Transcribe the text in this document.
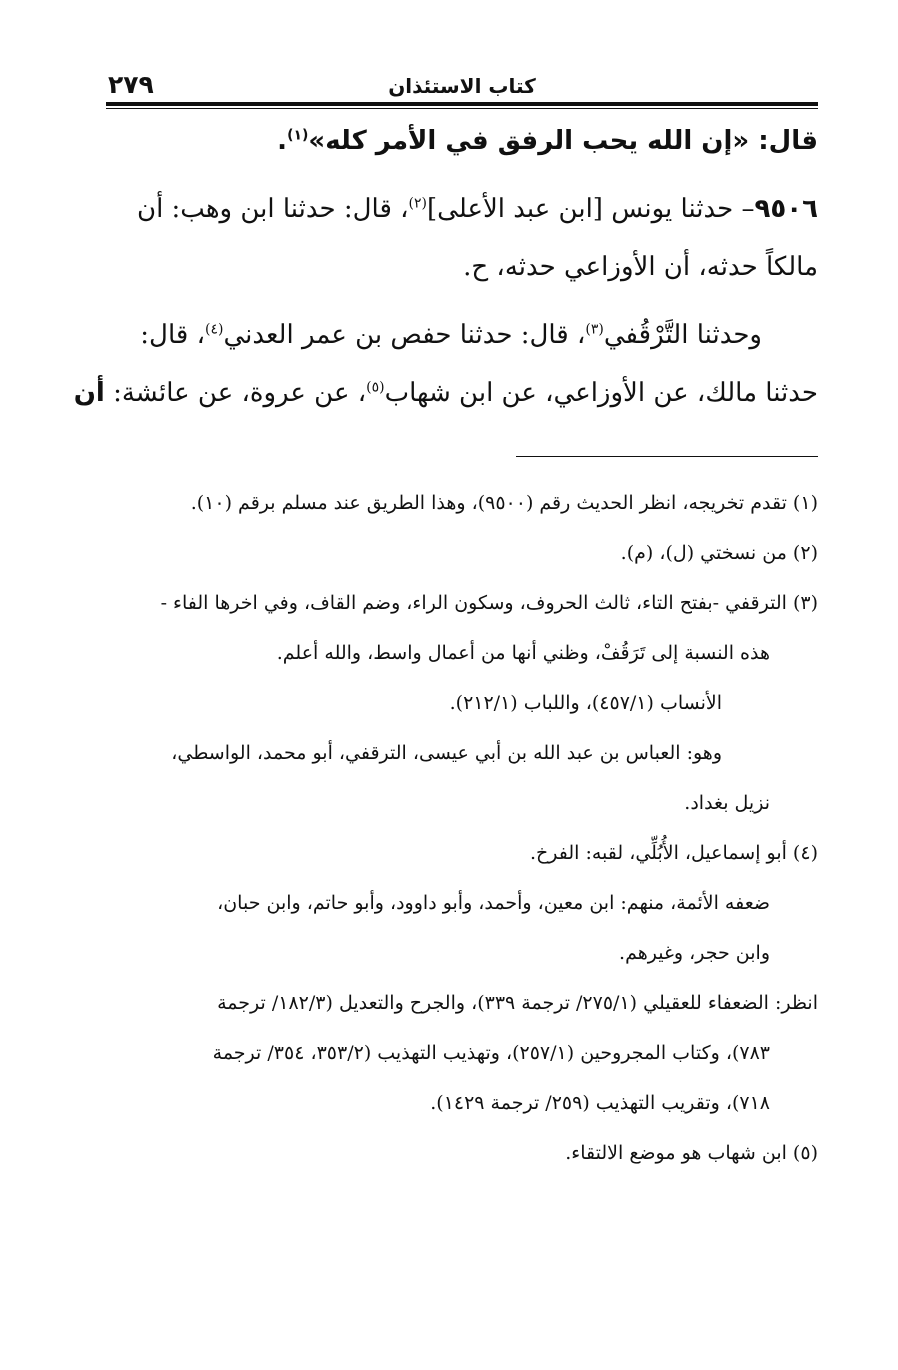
٢٧٩	كتاب الاستئذان
قال: «إن الله يحب الرفق في الأمر كله»$^{(١)}$.
٩٥٠٦– حدثنا يونس [ابن عبد الأعلى]$^{(٢)}$، قال: حدثنا ابن وهب: أن
مالكاً حدثه، أن الأوزاعي حدثه، ح.
وحدثنا التَّرْقُفي$^{(٣)}$، قال: حدثنا حفص بن عمر العدني$^{(٤)}$، قال:
حدثنا مالك، عن الأوزاعي، عن ابن شهاب$^{(٥)}$، عن عروة، عن عائشة: أن
(١) تقدم تخريجه، انظر الحديث رقم (٩٥٠٠)، وهذا الطريق عند مسلم برقم (١٠).
(٢) من نسختي (ل)، (م).
(٣) الترقفي -بفتح التاء، ثالث الحروف، وسكون الراء، وضم القاف، وفي اخرها الفاء -
هذه النسبة إلى تَرَقُفْ، وظني أنها من أعمال واسط، والله أعلم.
الأنساب (٤٥٧/١)، واللباب (٢١٢/١).
وهو: العباس بن عبد الله بن أبي عيسى، الترقفي، أبو محمد، الواسطي،
نزيل بغداد.
(٤) أبو إسماعيل، الأُبُلِّي، لقبه: الفرخ.
ضعفه الأئمة، منهم: ابن معين، وأحمد، وأبو داوود، وأبو حاتم، وابن حبان،
وابن حجر، وغيرهم.
انظر: الضعفاء للعقيلي (٢٧٥/١/ ترجمة ٣٣٩)، والجرح والتعديل (١٨٢/٣/ ترجمة
٧٨٣)، وكتاب المجروحين (٢٥٧/١)، وتهذيب التهذيب (٣٥٣/٢، ٣٥٤/ ترجمة
٧١٨)، وتقريب التهذيب (٢٥٩/ ترجمة ١٤٢٩).
(٥) ابن شهاب هو موضع الالتقاء.
